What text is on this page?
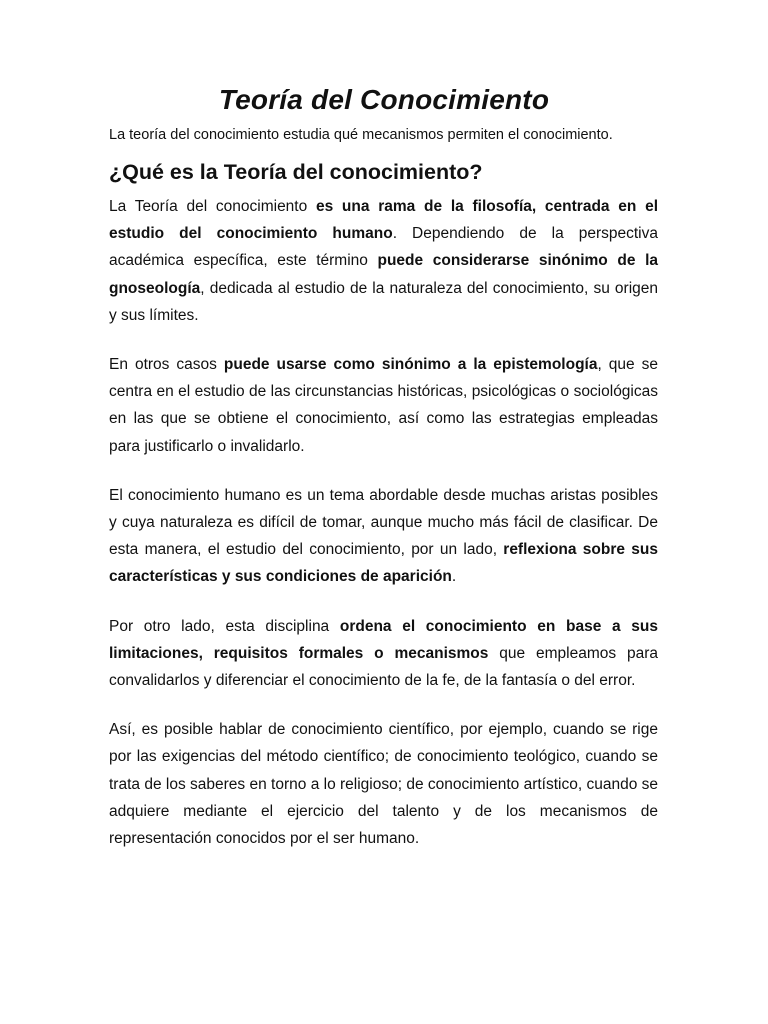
Teoría del Conocimiento

La teoría del conocimiento estudia qué mecanismos permiten el conocimiento.

¿Qué es la Teoría del conocimiento?

La Teoría del conocimiento es una rama de la filosofía, centrada en el estudio del conocimiento humano. Dependiendo de la perspectiva académica específica, este término puede considerarse sinónimo de la gnoseología, dedicada al estudio de la naturaleza del conocimiento, su origen y sus límites.

En otros casos puede usarse como sinónimo a la epistemología, que se centra en el estudio de las circunstancias históricas, psicológicas o sociológicas en las que se obtiene el conocimiento, así como las estrategias empleadas para justificarlo o invalidarlo.

El conocimiento humano es un tema abordable desde muchas aristas posibles y cuya naturaleza es difícil de tomar, aunque mucho más fácil de clasificar. De esta manera, el estudio del conocimiento, por un lado, reflexiona sobre sus características y sus condiciones de aparición.

Por otro lado, esta disciplina ordena el conocimiento en base a sus limitaciones, requisitos formales o mecanismos que empleamos para convalidarlos y diferenciar el conocimiento de la fe, de la fantasía o del error.

Así, es posible hablar de conocimiento científico, por ejemplo, cuando se rige por las exigencias del método científico; de conocimiento teológico, cuando se trata de los saberes en torno a lo religioso; de conocimiento artístico, cuando se adquiere mediante el ejercicio del talento y de los mecanismos de representación conocidos por el ser humano.
